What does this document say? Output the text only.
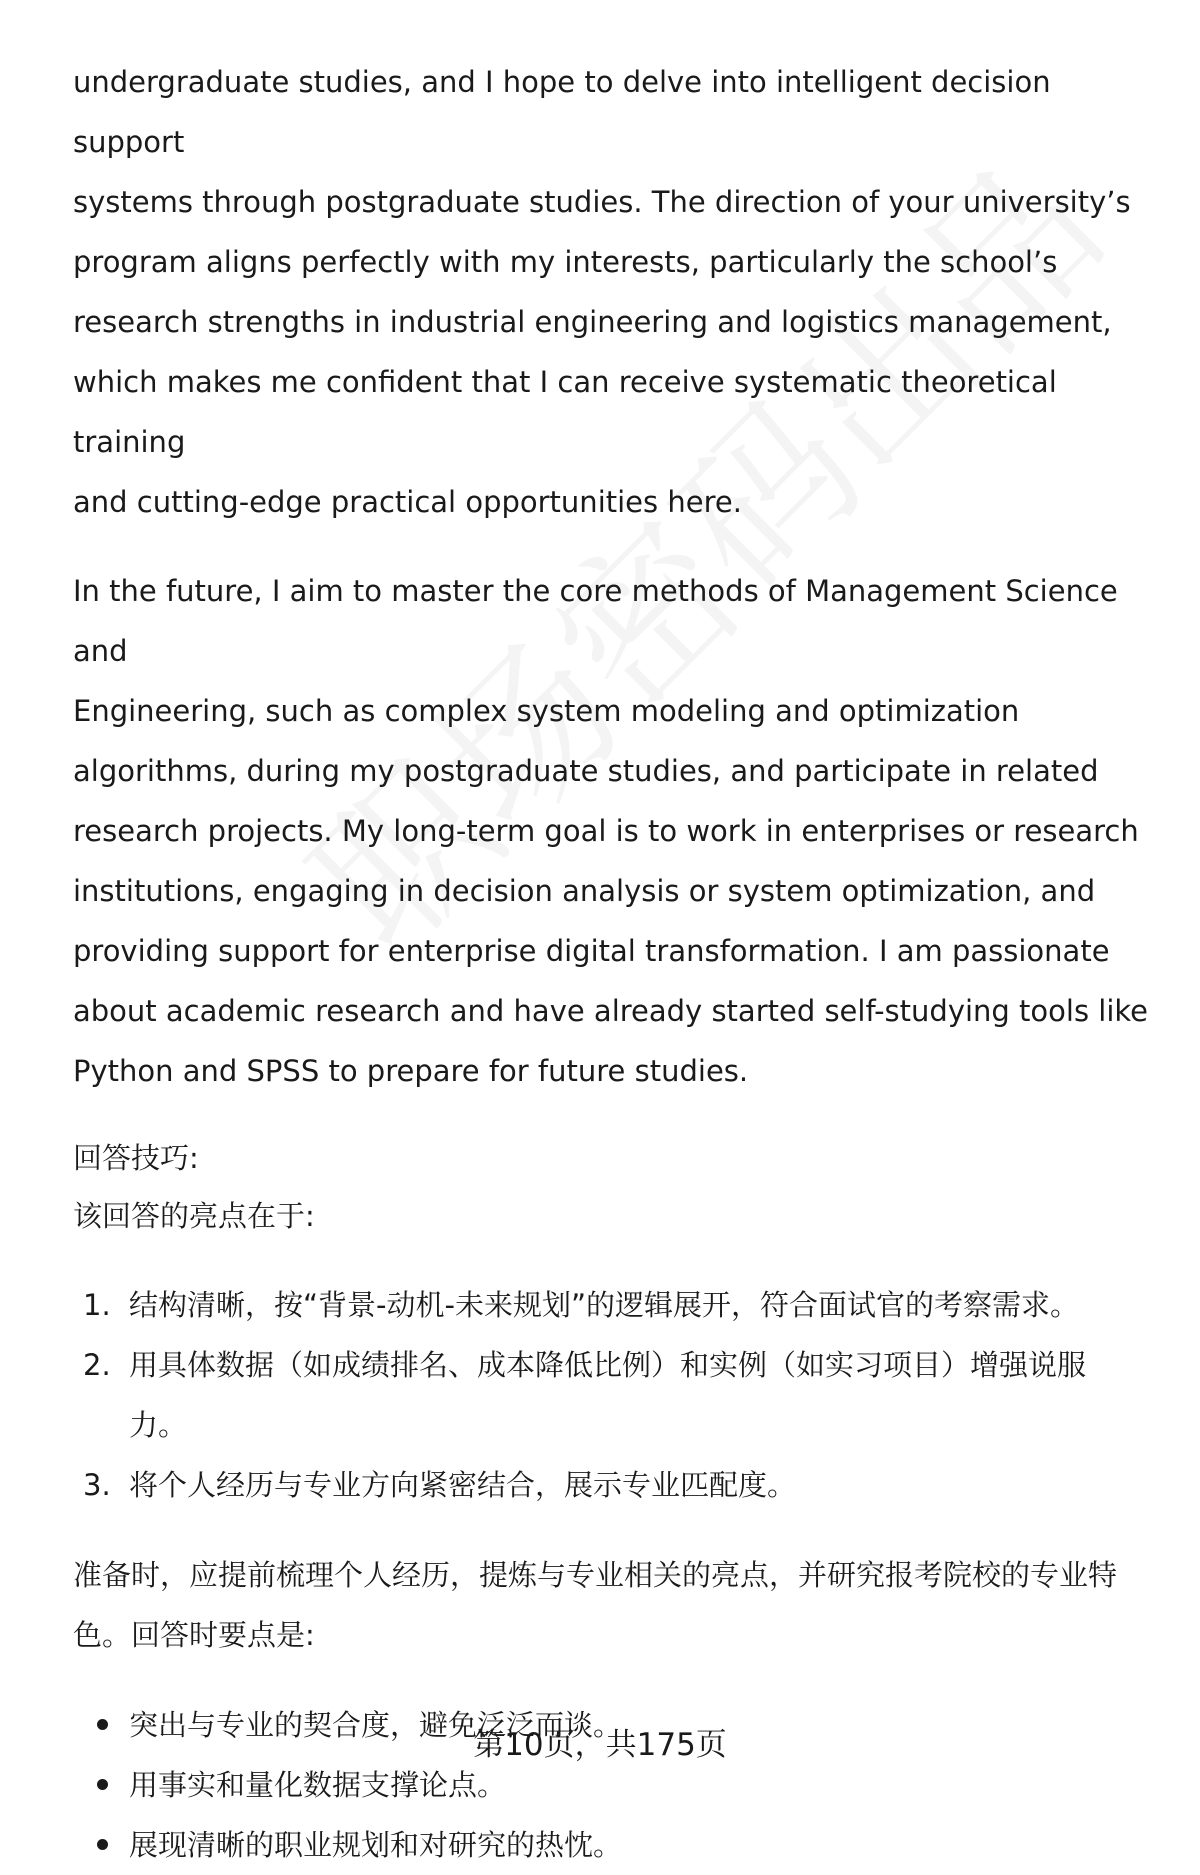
undergraduate studies, and I hope to delve into intelligent decision support
systems through postgraduate studies. The direction of your university’s
program aligns perfectly with my interests, particularly the school’s
research strengths in industrial engineering and logistics management,
which makes me confident that I can receive systematic theoretical training
and cutting-edge practical opportunities here.

In the future, I aim to master the core methods of Management Science and
Engineering, such as complex system modeling and optimization
algorithms, during my postgraduate studies, and participate in related
research projects. My long-term goal is to work in enterprises or research
institutions, engaging in decision analysis or system optimization, and
providing support for enterprise digital transformation. I am passionate
about academic research and have already started self-studying tools like
Python and SPSS to prepare for future studies.

回答技巧:

该回答的亮点在于:

1. 结构清晰，按“背景-动机-未来规划”的逻辑展开，符合面试官的考察需求。
2. 用具体数据（如成绩排名、成本降低比例）和实例（如实习项目）增强说服
力。
3. 将个人经历与专业方向紧密结合，展示专业匹配度。

准备时，应提前梳理个人经历，提炼与专业相关的亮点，并研究报考院校的专业特
色。回答时要点是:

突出与专业的契合度，避免泛泛而谈。
用事实和量化数据支撑论点。
展现清晰的职业规划和对研究的热忱。
第10页，共175页
